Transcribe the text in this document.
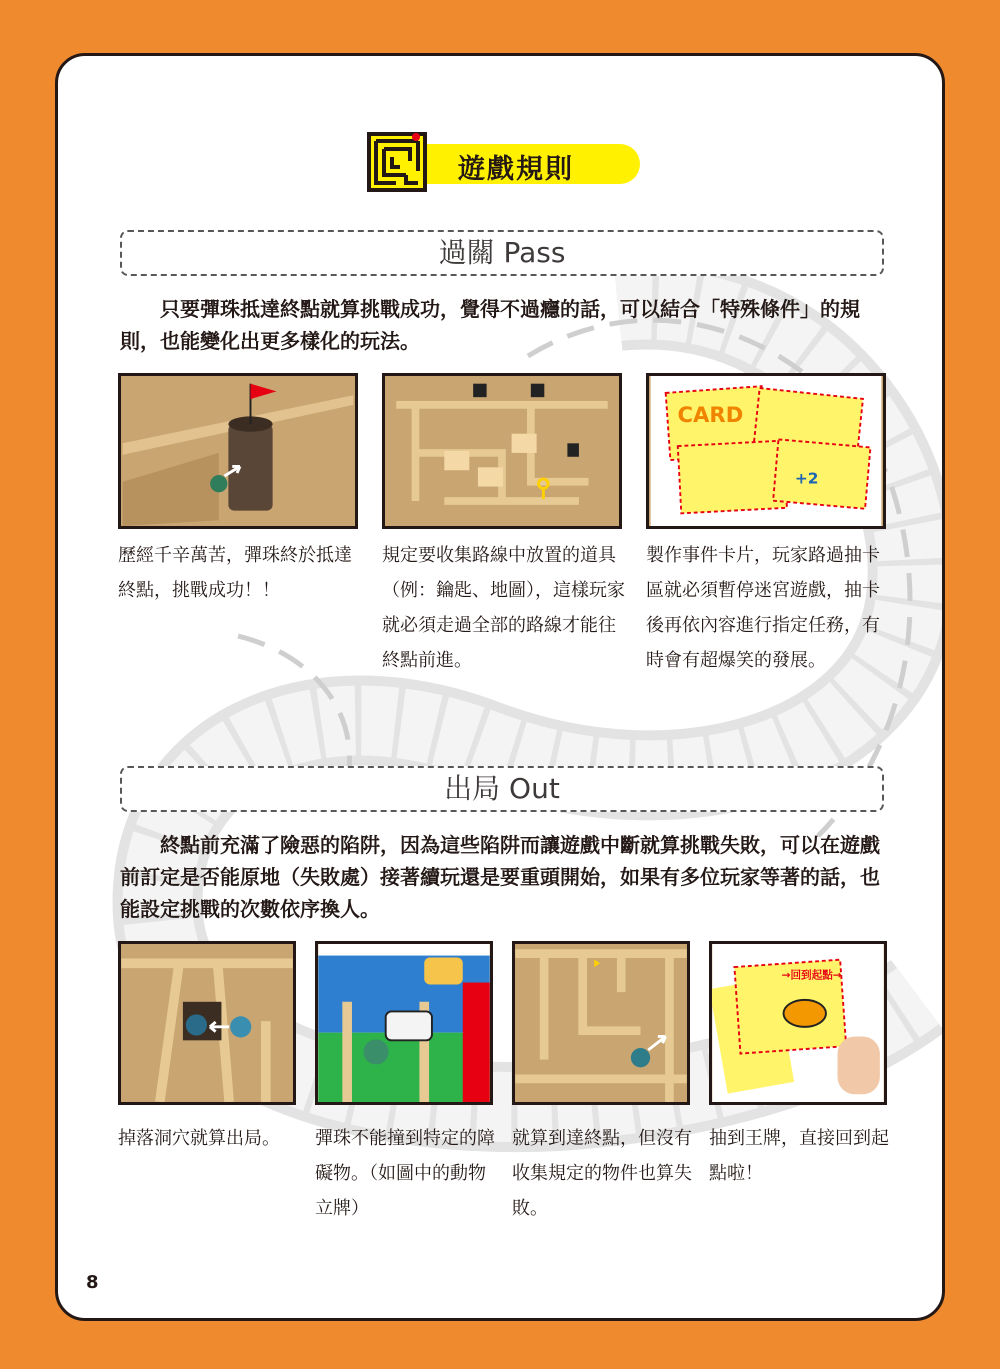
遊戲規則
過關 Pass

只要彈珠抵達終點就算挑戰成功，覺得不過癮的話，可以結合「特殊條件」的規則，也能變化出更多樣化的玩法。

CARD
+2

歷經千辛萬苦，彈珠終於抵達終點，挑戰成功！！

規定要收集路線中放置的道具（例：鑰匙、地圖），這樣玩家就必須走過全部的路線才能往終點前進。

製作事件卡片，玩家路過抽卡區就必須暫停迷宮遊戲，抽卡後再依內容進行指定任務，有時會有超爆笑的發展。

出局 Out

終點前充滿了險惡的陷阱，因為這些陷阱而讓遊戲中斷就算挑戰失敗，可以在遊戲前訂定是否能原地（失敗處）接著續玩還是要重頭開始，如果有多位玩家等著的話，也能設定挑戰的次數依序換人。

→回到起點→

掉落洞穴就算出局。	彈珠不能撞到特定的障礙物。（如圖中的動物立牌）

就算到達終點，但沒有收集規定的物件也算失敗。

抽到王牌，直接回到起點啦！

8
